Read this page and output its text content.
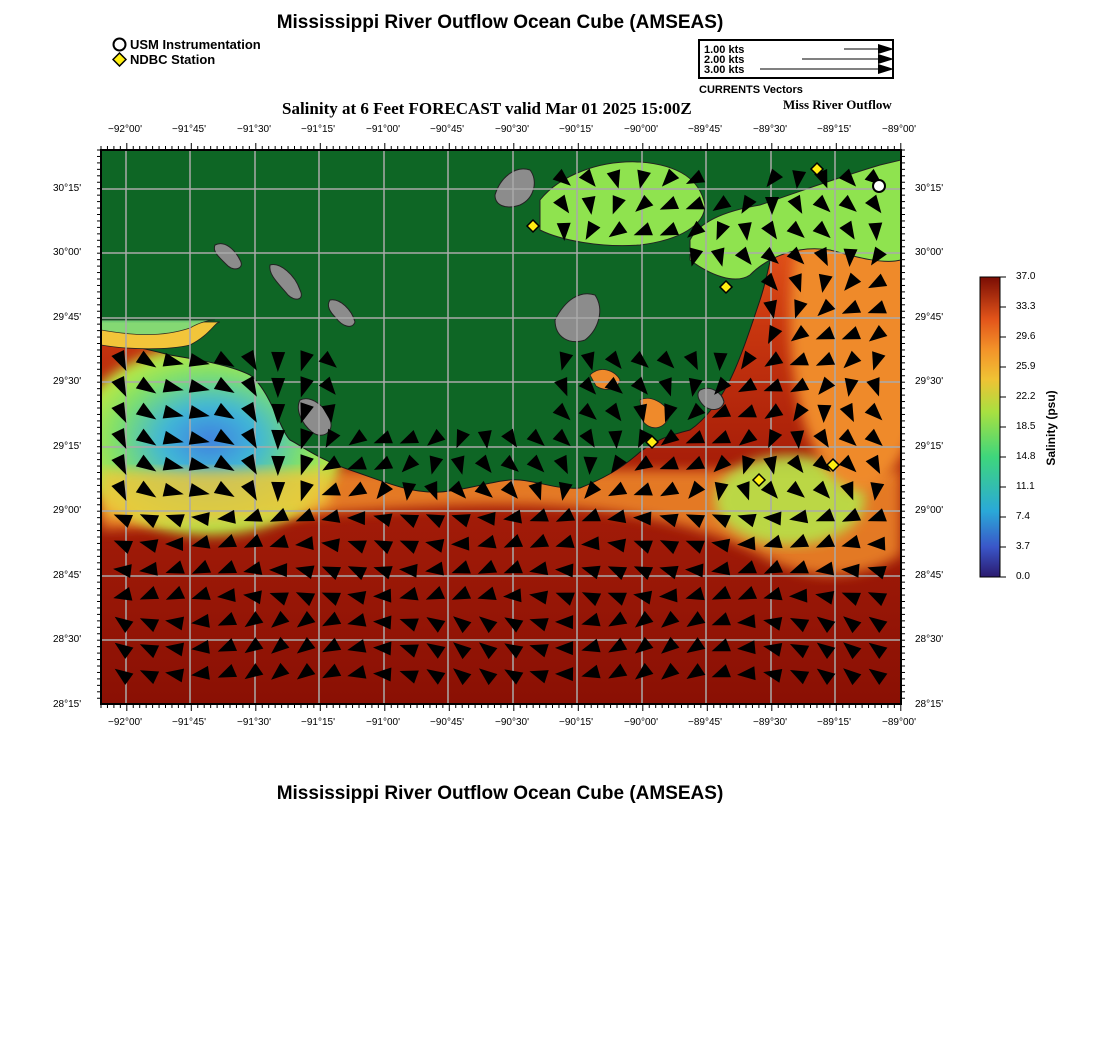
Mississippi River Outflow Ocean Cube (AMSEAS)
USM Instrumentation
NDBC Station
1.00 kts
2.00 kts
3.00 kts
CURRENTS Vectors
Salinity at 6 Feet FORECAST valid Mar 01 2025 15:00Z	Miss River Outflow
−92°00'	−91°45'	−91°30'	−91°15'	−91°00'	−90°45'	−90°30'	−90°15'	−90°00'	−89°45'	−89°30'	−89°15'	−89°00'
−92°00'	−91°45'	−91°30'	−91°15'	−91°00'	−90°45'	−90°30'	−90°15'	−90°00'	−89°45'	−89°30'	−89°15'	−89°00'
30°15'
30°00'
29°45'
29°30'
29°15'
29°00'
28°45'
28°30'
28°15'
30°15'
30°00'
29°45'
29°30'
29°15'
29°00'
28°45'
28°30'
28°15'
37.0
33.3
29.6
25.9
22.2
18.5
14.8
11.1
7.4
3.7
0.0
Salinity (psu)
Mississippi River Outflow Ocean Cube (AMSEAS)
